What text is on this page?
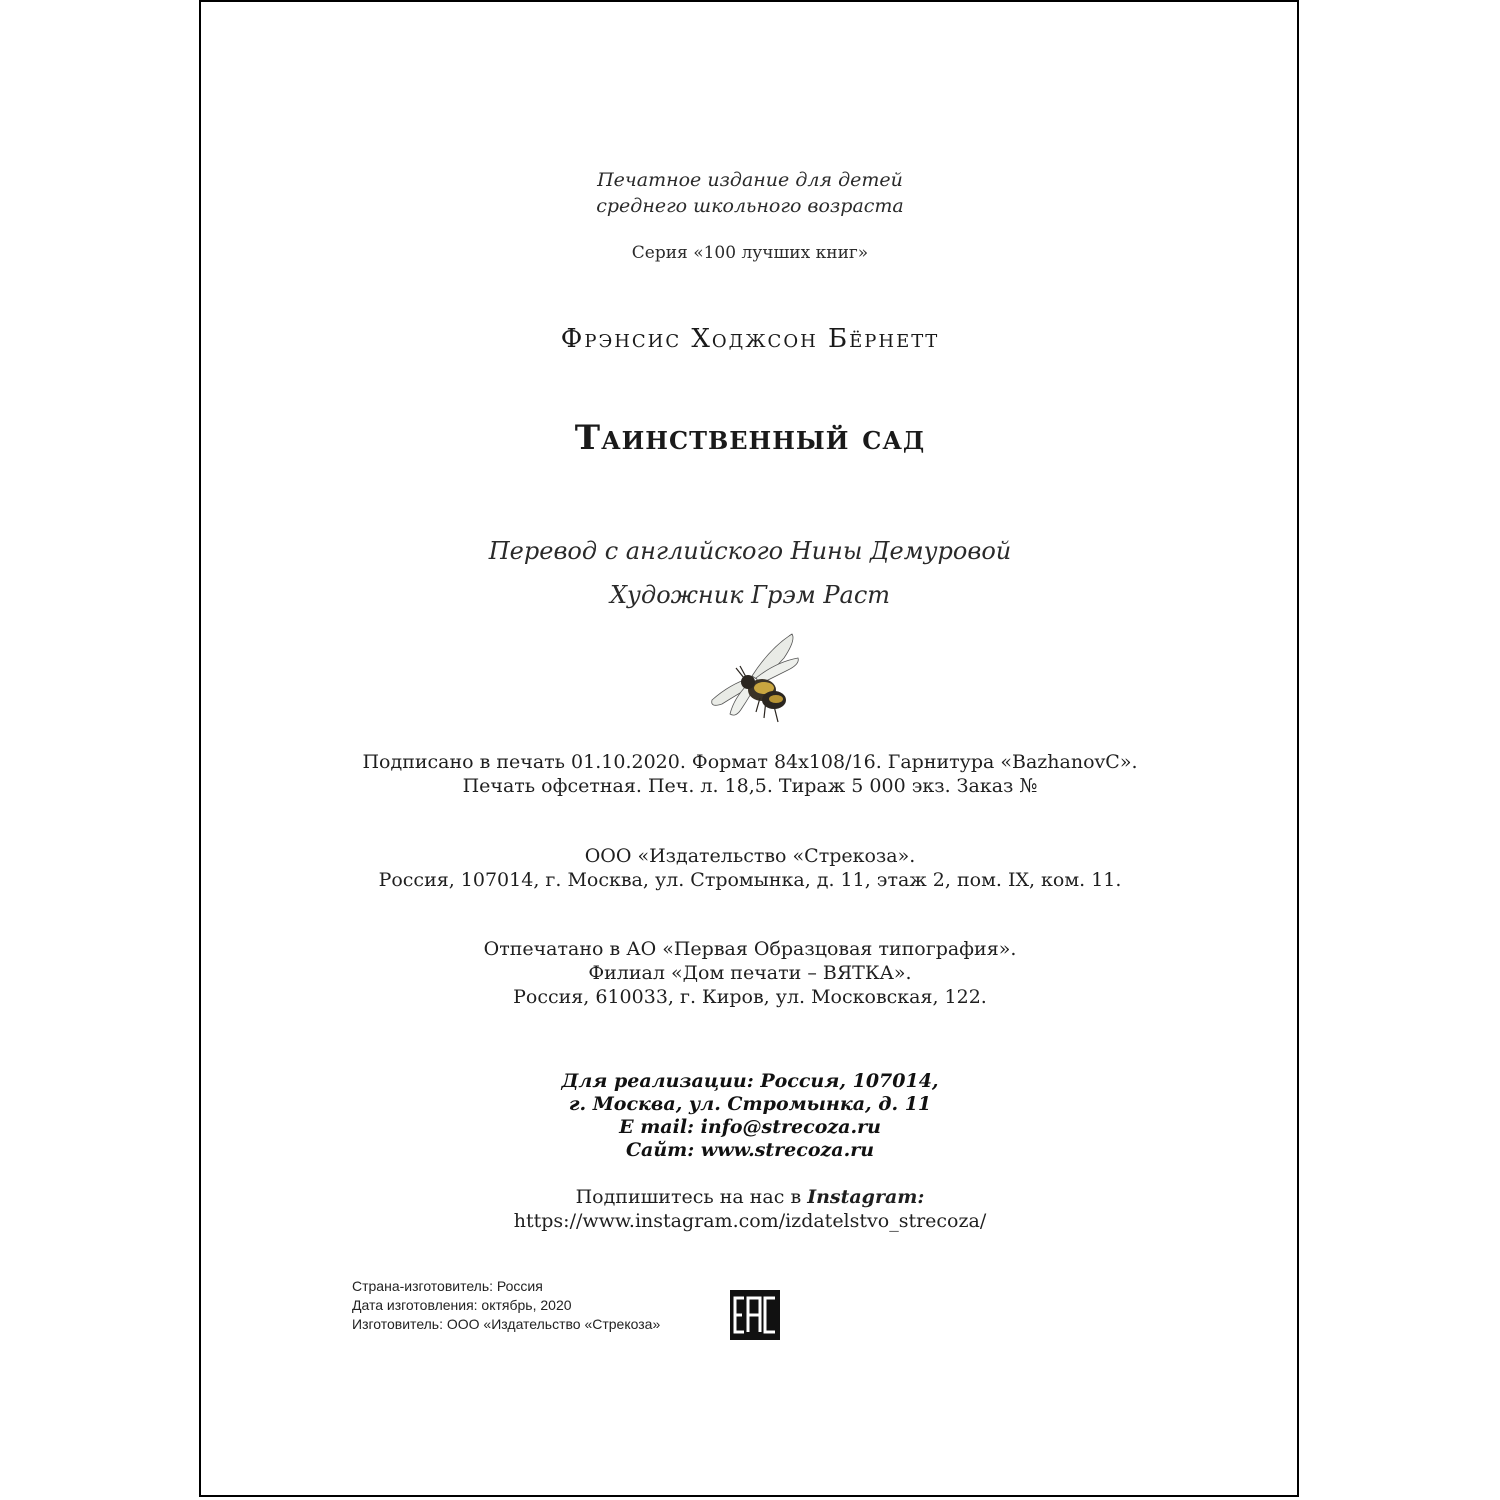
Печатное издание для детей
среднего школьного возраста
Серия «100 лучших книг»
Фрэнсис Ходжсон Бёрнетт
Таинственный сад
Перевод с английского Нины Демуровой
Художник Грэм Раст
Подписано в печать 01.10.2020. Формат 84x108/16. Гарнитура «BazhanovC».
Печать офсетная. Печ. л. 18,5. Тираж 5 000 экз. Заказ №
ООО «Издательство «Стрекоза».
Россия, 107014, г. Москва, ул. Стромынка, д. 11, этаж 2, пом. IX, ком. 11.
Отпечатано в АО «Первая Образцовая типография».
Филиал «Дом печати – ВЯТКА».
Россия, 610033, г. Киров, ул. Московская, 122.
Для реализации: Россия, 107014,
г. Москва, ул. Стромынка, д. 11
E mail: info@strecoza.ru
Сайт: www.strecoza.ru
Подпишитесь на нас в Instagram:
https://www.instagram.com/izdatelstvo_strecoza/
Страна-изготовитель: Россия
Дата изготовления: октябрь, 2020
Изготовитель: ООО «Издательство «Стрекоза»
